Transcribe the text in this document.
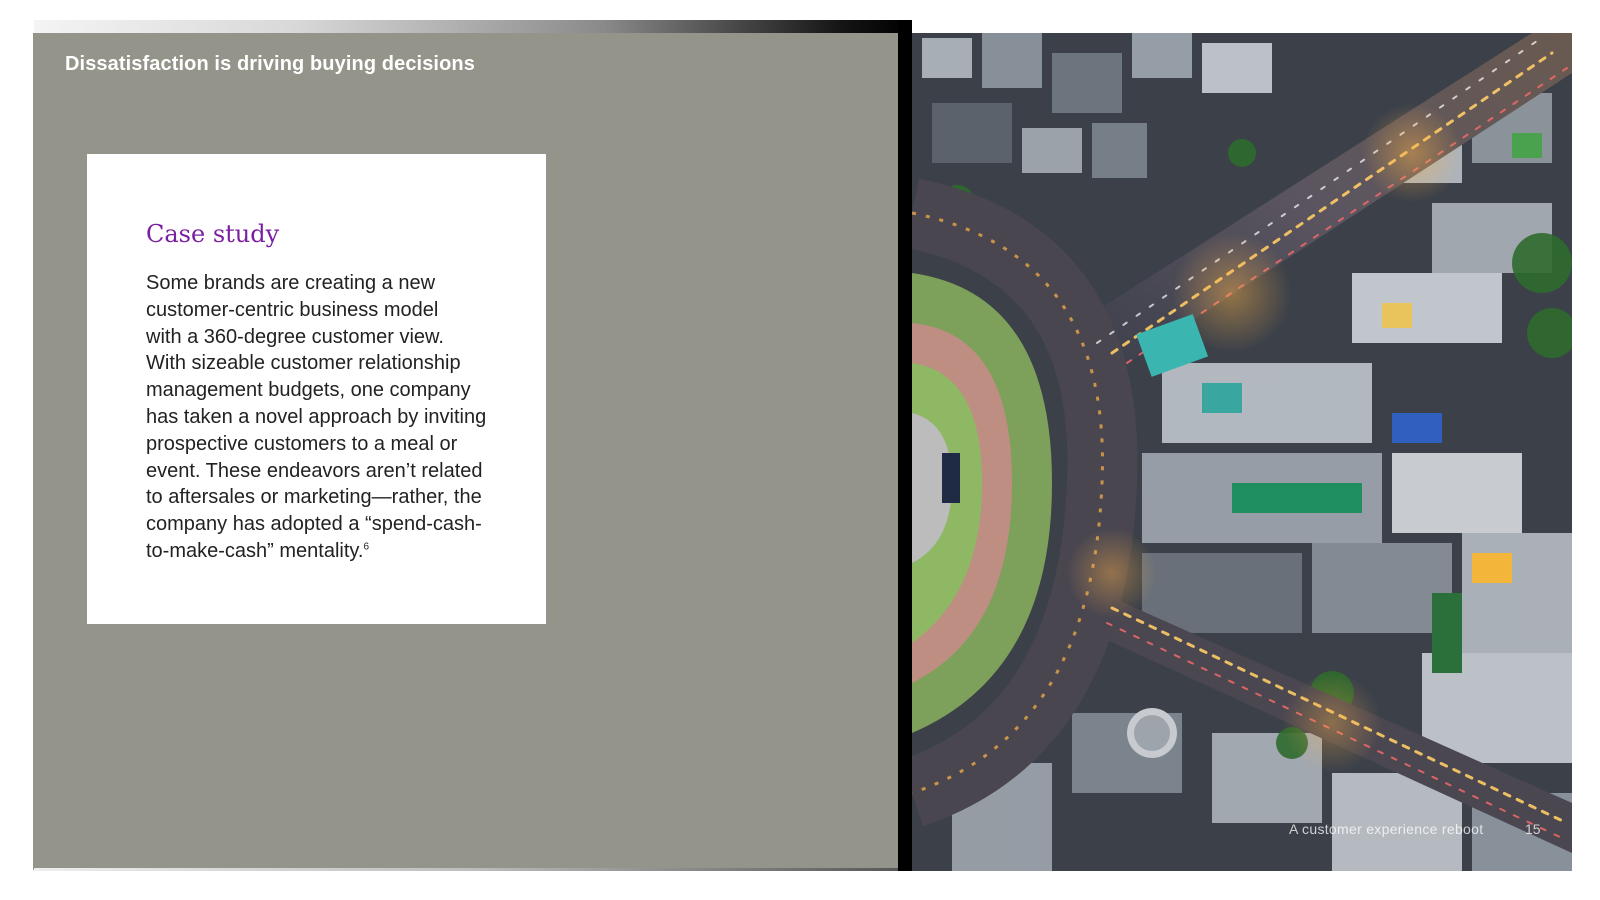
Dissatisfaction is driving buying decisions
Case study

Some brands are creating a new
customer-centric business model
with a 360-degree customer view.
With sizeable customer relationship
management budgets, one company
has taken a novel approach by inviting
prospective customers to a meal or
event. These endeavors aren’t related
to aftersales or marketing—rather, the
company has adopted a “spend-cash-
to-make-cash” mentality.$^6$

A customer experience reboot	15
